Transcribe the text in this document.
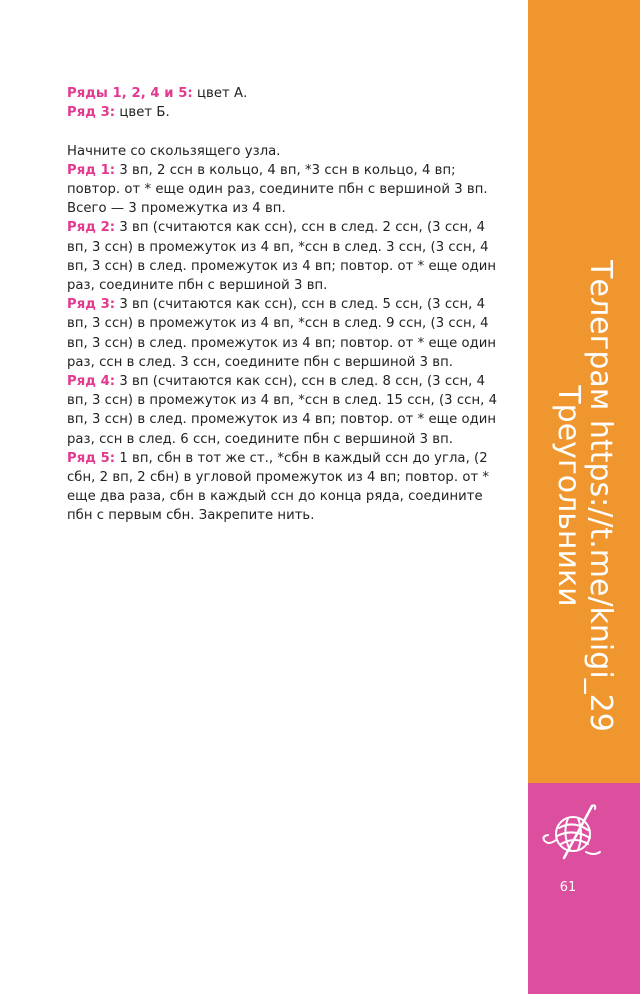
Ряды 1, 2, 4 и 5: цвет А.

Ряд 3: цвет Б.

Начните со скользящего узла.

Ряд 1: 3 вп, 2 ссн в кольцо, 4 вп, *3 ссн в кольцо, 4 вп; повтор. от * еще один раз, соедините пбн с вершиной 3 вп. Всего — 3 промежутка из 4 вп.

Ряд 2: 3 вп (считаются как ссн), ссн в след. 2 ссн, (3 ссн, 4 вп, 3 ссн) в промежуток из 4 вп, *ссн в след. 3 ссн, (3 ссн, 4 вп, 3 ссн) в след. промежуток из 4 вп; повтор. от * еще один раз, соедините пбн с вершиной 3 вп.

Ряд 3: 3 вп (считаются как ссн), ссн в след. 5 ссн, (3 ссн, 4 вп, 3 ссн) в промежуток из 4 вп, *ссн в след. 9 ссн, (3 ссн, 4 вп, 3 ссн) в след. промежуток из 4 вп; повтор. от * еще один раз, ссн в след. 3 ссн, соедините пбн с вершиной 3 вп.

Ряд 4: 3 вп (считаются как ссн), ссн в след. 8 ссн, (3 ссн, 4 вп, 3 ссн) в промежуток из 4 вп, *ссн в след. 15 ссн, (3 ссн, 4 вп, 3 ссн) в след. промежуток из 4 вп; повтор. от * еще один раз, ссн в след. 6 ссн, соедините пбн с вершиной 3 вп.

Ряд 5: 1 вп, сбн в тот же ст., *сбн в каждый ссн до угла, (2 сбн, 2 вп, 2 сбн) в угловой промежуток из 4 вп; повтор. от * еще два раза, сбн в каждый ссн до конца ряда, соедините пбн с первым сбн. Закрепите нить.	Телеграм https://t.me/knigi_29
Треугольники
61
